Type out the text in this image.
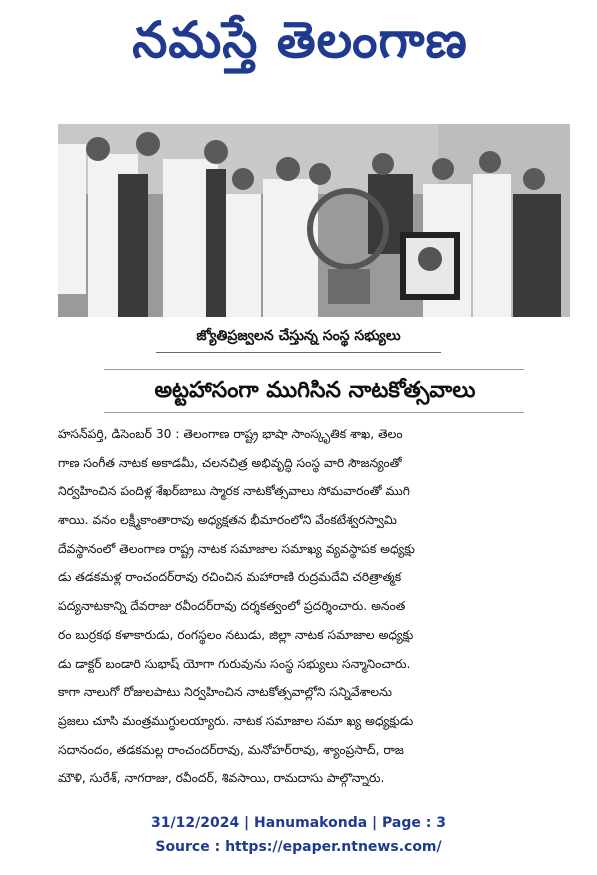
నమస్తే తెలంగాణ
జ్యోతిప్రజ్వలన చేస్తున్న సంస్థ సభ్యులు
అట్టహాసంగా ముగిసిన నాటకోత్సవాలు
హసన్‌పర్తి, డిసెంబర్ 30 : తెలంగాణ రాష్ట్ర భాషా సాంస్కృతిక శాఖ, తెలం
గాణ సంగీత నాటక అకాడమీ, చలనచిత్ర అభివృద్ధి సంస్థ వారి సౌజన్యంతో
నిర్వహించిన పందిళ్ల శేఖర్‌బాబు స్మారక నాటకోత్సవాలు సోమవారంతో ముగి
శాయి. వనం లక్ష్మీకాంతారావు అధ్యక్షతన భీమారంలోని వేంకటేశ్వరస్వామి
దేవస్థానంలో తెలంగాణ రాష్ట్ర నాటక సమాజాల సమాఖ్య వ్యవస్థాపక అధ్యక్షు
డు తడకమళ్ల రాంచందర్‌రావు రచించిన మహారాణి రుద్రమదేవి చరిత్రాత్మక
పద్యనాటకాన్ని దేవరాజు రవీందర్‌రావు దర్శకత్వంలో ప్రదర్శించారు. అనంత
రం బుర్రకథ కళాకారుడు, రంగస్థలం నటుడు, జిల్లా నాటక సమాజాల అధ్యక్షు
డు డాక్టర్ బండారి సుభాష్ యోగా గురువును సంస్థ సభ్యులు సన్మానించారు.
కాగా నాలుగో రోజులపాటు నిర్వహించిన నాటకోత్సవాల్లోని సన్నివేశాలను
ప్రజలు చూసి మంత్రముగ్ధులయ్యారు. నాటక సమాజాల సమా ఖ్య అధ్యక్షుడు
సదానందం, తడకమల్ల రాంచందర్‌రావు, మనోహర్‌రావు, శ్యాంప్రసాద్, రాజ
మౌళి, సురేశ్, నాగరాజు, రవీందర్, శివసాయి, రామదాసు పాల్గొన్నారు.
31/12/2024 | Hanumakonda | Page : 3
Source : https://epaper.ntnews.com/
